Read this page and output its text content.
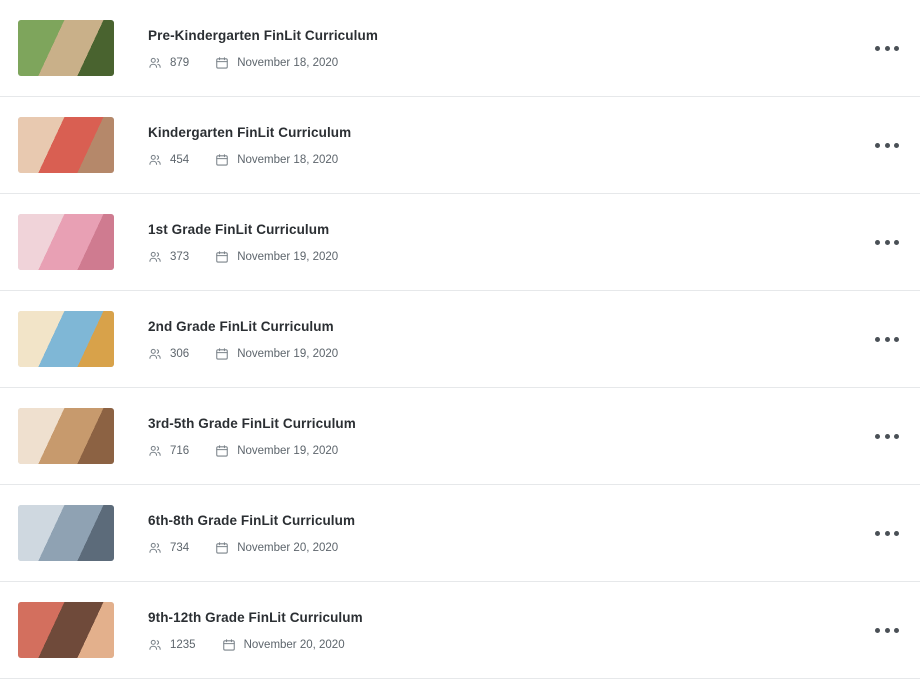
Pre-Kindergarten FinLit Curriculum
879	November 18, 2020
Kindergarten FinLit Curriculum
454	November 18, 2020
1st Grade FinLit Curriculum
373	November 19, 2020
2nd Grade FinLit Curriculum
306	November 19, 2020
3rd-5th Grade FinLit Curriculum
716	November 19, 2020
6th-8th Grade FinLit Curriculum
734	November 20, 2020
9th-12th Grade FinLit Curriculum
1235	November 20, 2020
